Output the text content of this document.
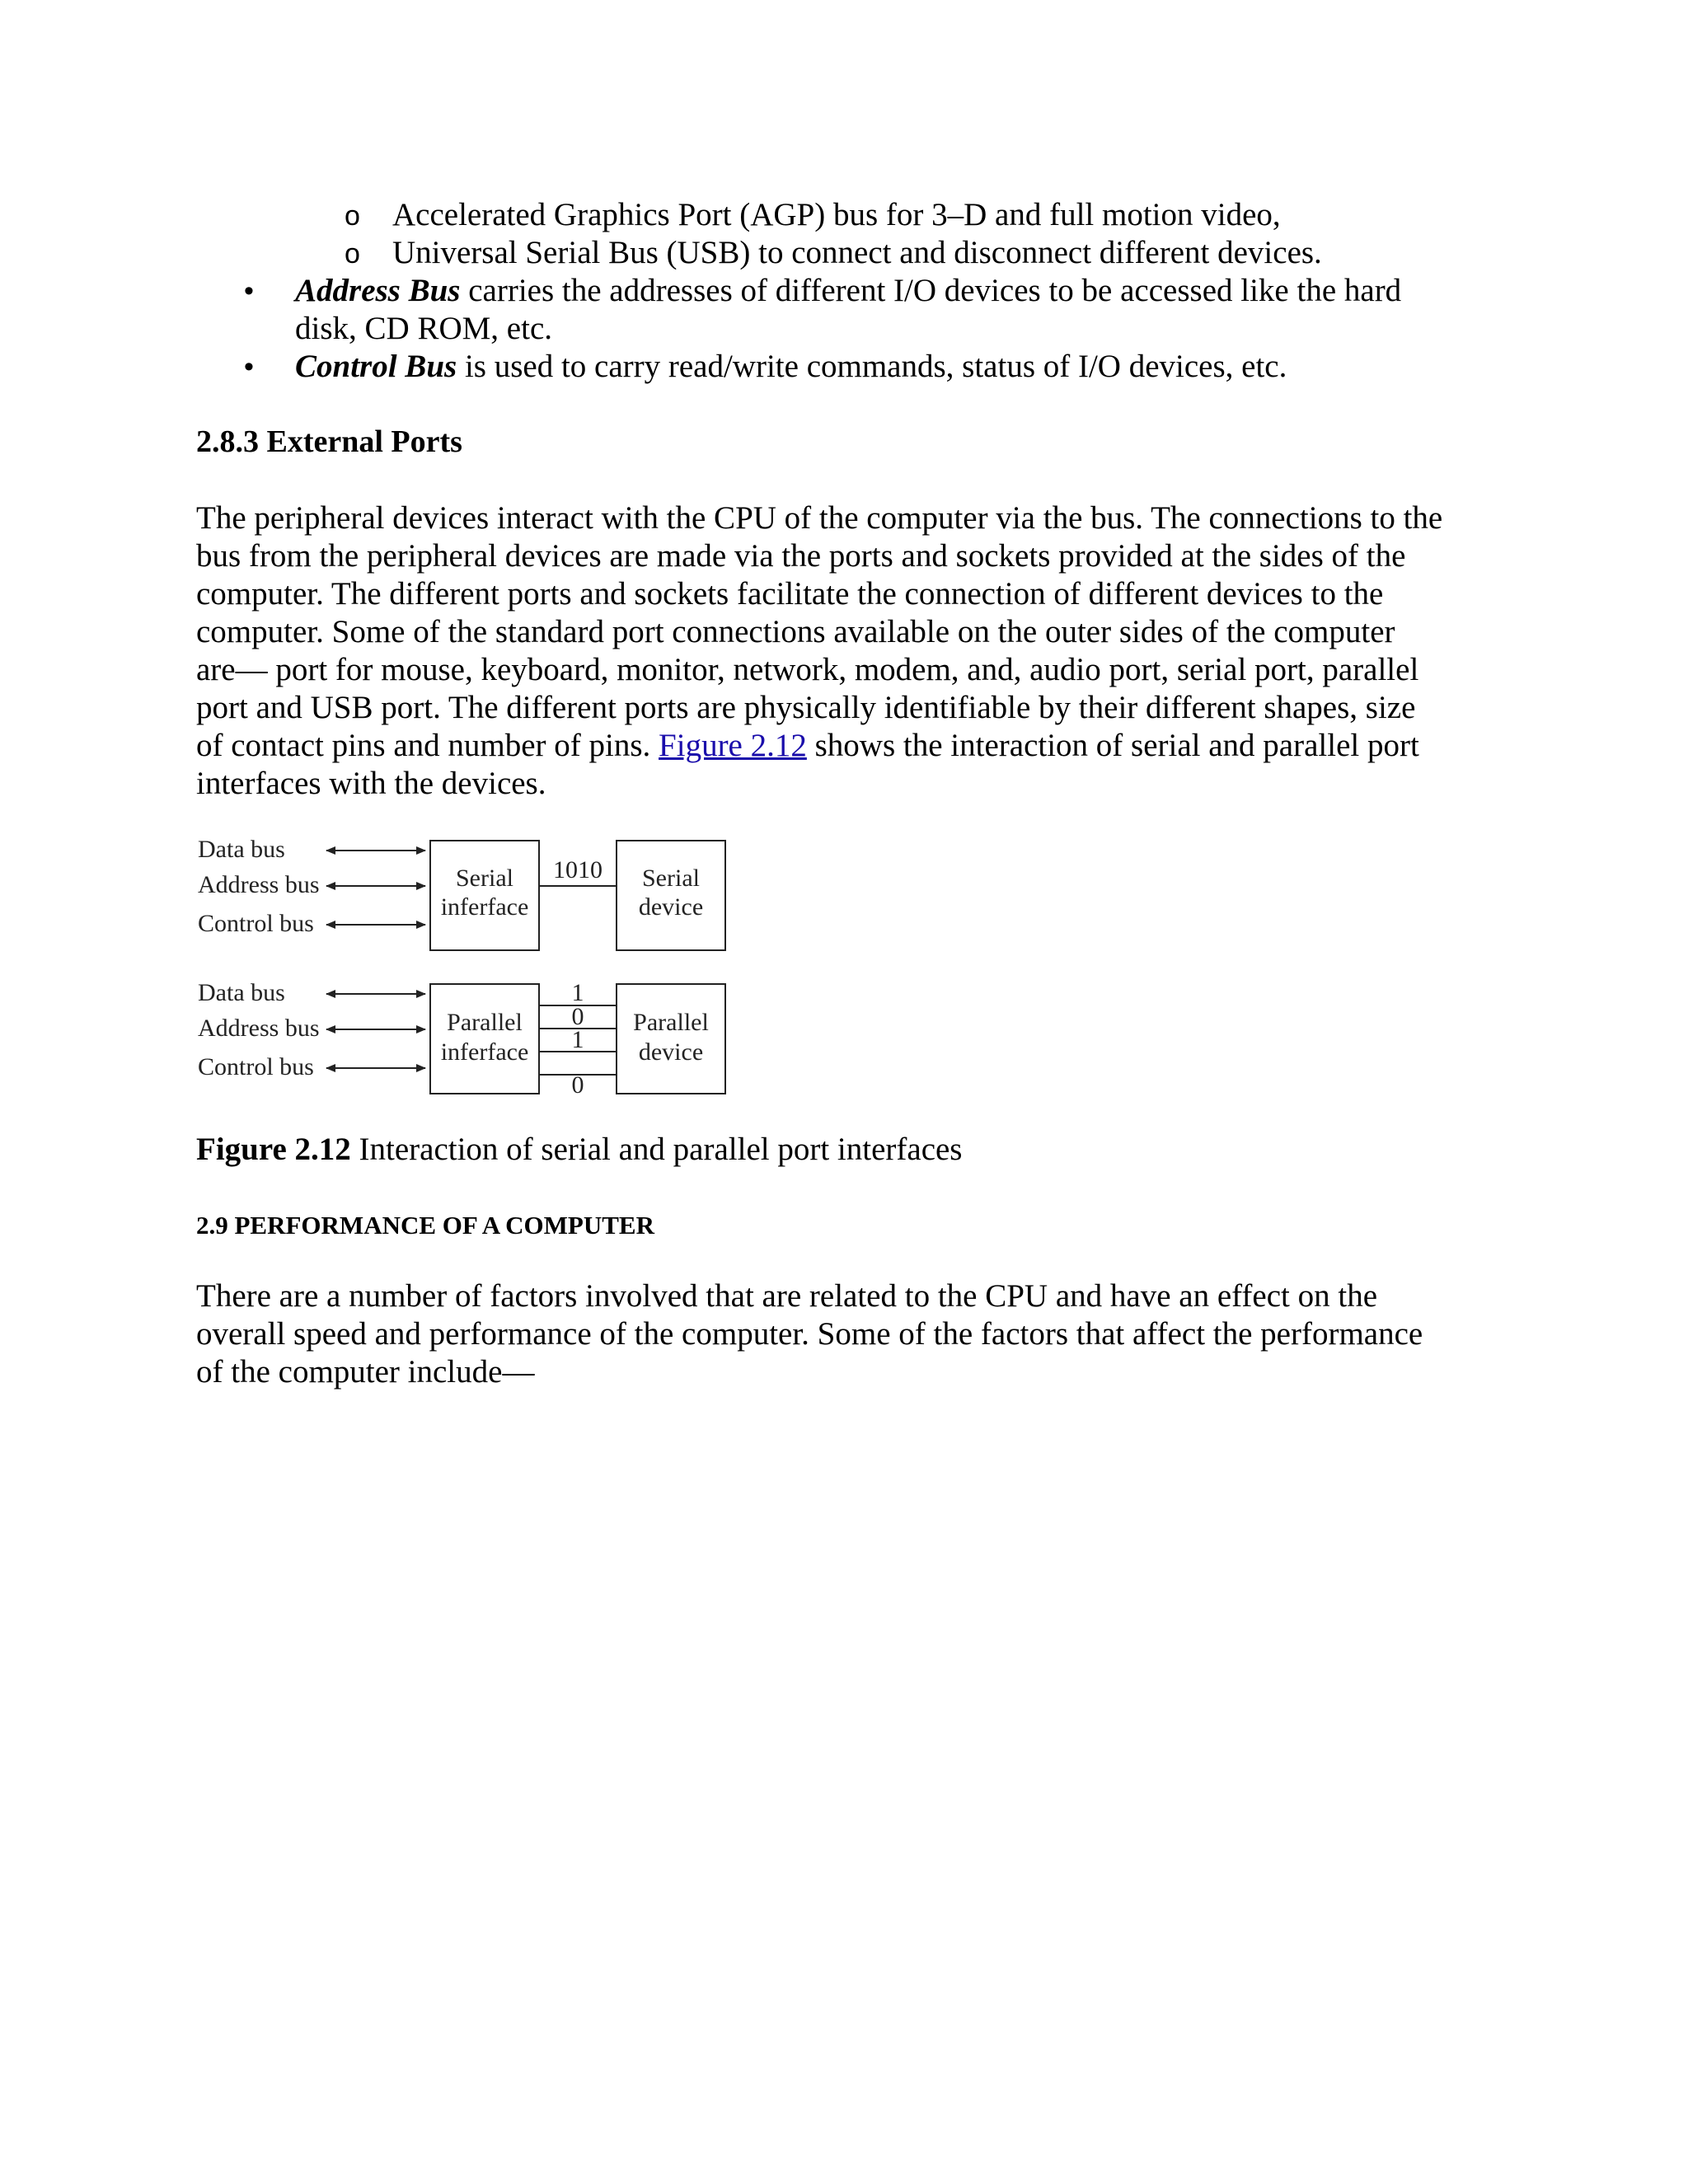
o Accelerated Graphics Port (AGP) bus for 3–D and full motion video,
o Universal Serial Bus (USB) to connect and disconnect different devices.
• Address Bus carries the addresses of different I/O devices to be accessed like the hard
disk, CD ROM, etc.
• Control Bus is used to carry read/write commands, status of I/O devices, etc.
2.8.3 External Ports
The peripheral devices interact with the CPU of the computer via the bus. The connections to the
bus from the peripheral devices are made via the ports and sockets provided at the sides of the
computer. The different ports and sockets facilitate the connection of different devices to the
computer. Some of the standard port connections available on the outer sides of the computer
are— port for mouse, keyboard, monitor, network, modem, and, audio port, serial port, parallel
port and USB port. The different ports are physically identifiable by their different shapes, size
of contact pins and number of pins. Figure 2.12 shows the interaction of serial and parallel port
interfaces with the devices.
Data bus
Address bus
Control bus
Serial
inferface
1010 Serial
device
Data bus
Address bus
Control bus
Parallel
inferface
1
0
1
0
Parallel
device
Figure 2.12 Interaction of serial and parallel port interfaces
2.9 PERFORMANCE OF A COMPUTER
There are a number of factors involved that are related to the CPU and have an effect on the
overall speed and performance of the computer. Some of the factors that affect the performance
of the computer include—
